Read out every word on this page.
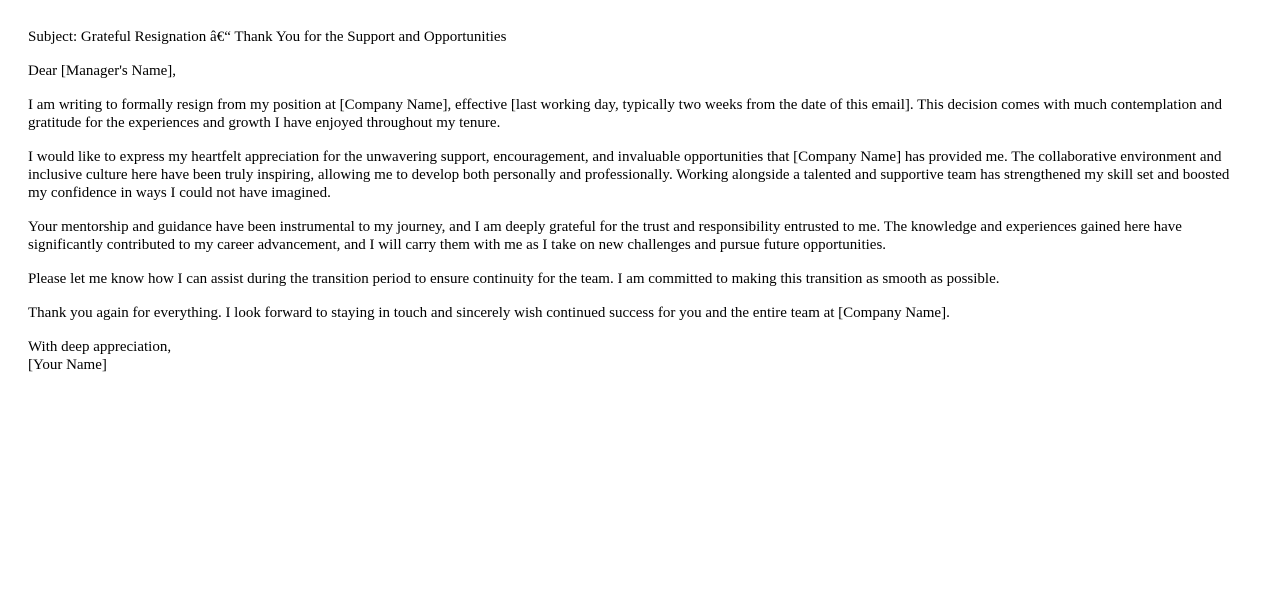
Subject: Grateful Resignation â€“ Thank You for the Support and Opportunities

Dear [Manager's Name],

I am writing to formally resign from my position at [Company Name], effective [last working day, typically two weeks from the date of this email]. This decision comes with much contemplation and gratitude for the experiences and growth I have enjoyed throughout my tenure.

I would like to express my heartfelt appreciation for the unwavering support, encouragement, and invaluable opportunities that [Company Name] has provided me. The collaborative environment and inclusive culture here have been truly inspiring, allowing me to develop both personally and professionally. Working alongside a talented and supportive team has strengthened my skill set and boosted my confidence in ways I could not have imagined.

Your mentorship and guidance have been instrumental to my journey, and I am deeply grateful for the trust and responsibility entrusted to me. The knowledge and experiences gained here have significantly contributed to my career advancement, and I will carry them with me as I take on new challenges and pursue future opportunities.

Please let me know how I can assist during the transition period to ensure continuity for the team. I am committed to making this transition as smooth as possible.

Thank you again for everything. I look forward to staying in touch and sincerely wish continued success for you and the entire team at [Company Name].

With deep appreciation,
[Your Name]
